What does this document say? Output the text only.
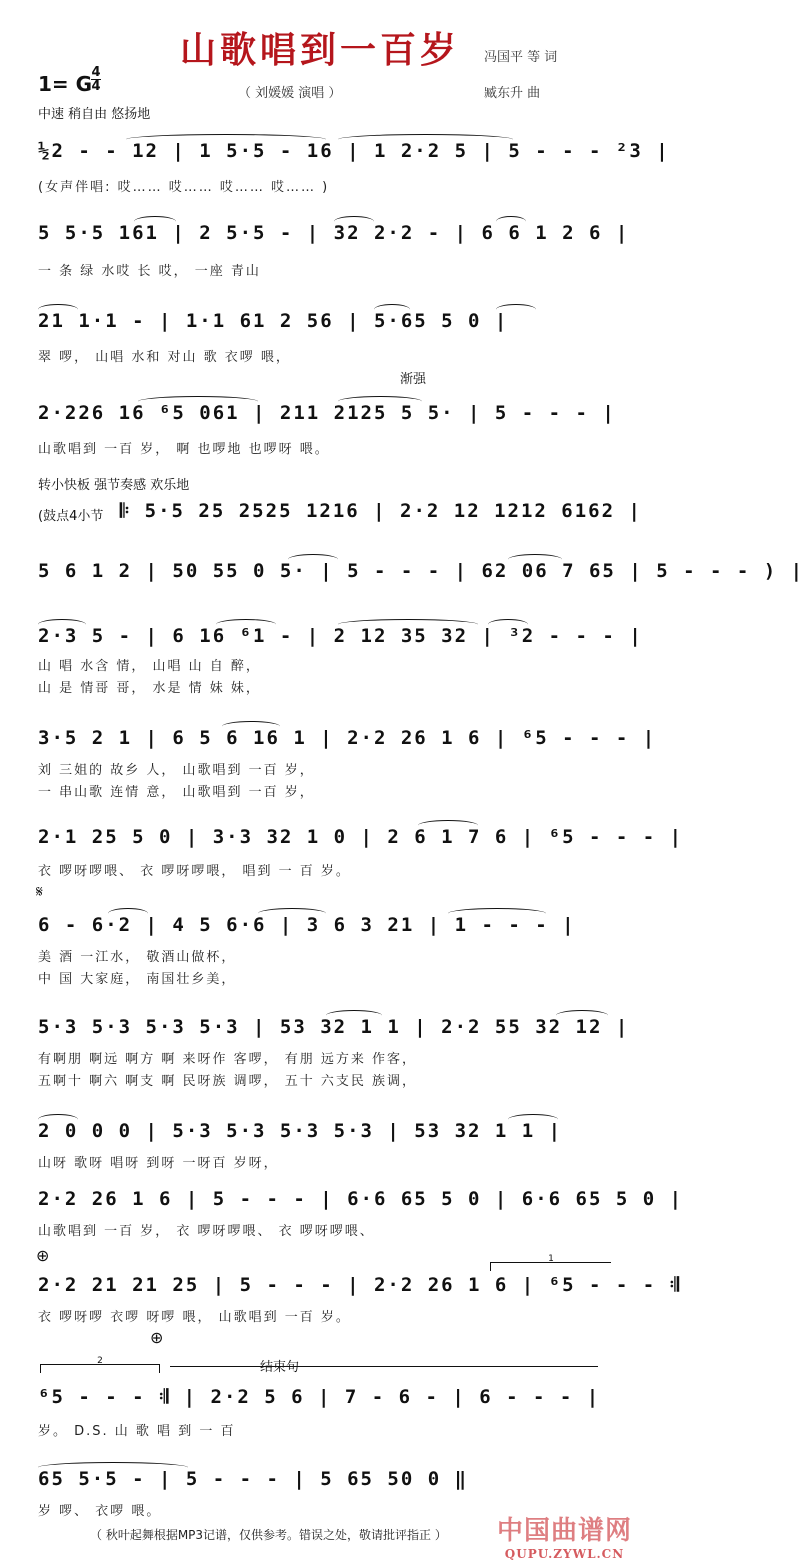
山歌唱到一百岁	冯国平 等 词
（ 刘媛媛 演唱 ）	臧东升 曲
1= G 4
4
中速 稍自由 悠扬地
½2 - - 12 | 1 5·5 - 16 | 1 2·2 5 | 5 - - - ²3 |
(女声伴唱: 哎…… 哎…… 哎…… 哎…… )
5 5·5 161 | 2 5·5 - | 32 2·2 - | 6 6 1 2 6 |
一 条 绿 水哎 长 哎， 一座 青山
21 1·1 - | 1·1 61 2 56 | 5·65 5 0 |
翠 啰， 山唱 水和 对山 歌 衣啰 喂，
渐强
2·226 16 ⁶5 061 | 211 2125 5 5· | 5 - - - |
山歌唱到 一百 岁， 啊 也啰地 也啰呀 喂。
转小快板 强节奏感 欢乐地
(鼓点4小节 𝄆 5·5 25 2525 1216 | 2·2 12 1212 6162 |
5 6 1 2 | 50 55 0 5· | 5 - - - | 62 06 7 65 | 5 - - - ) |
2·3 5 - | 6 16 ⁶1 - | 2 12 35 32 | ³2 - - - |
山 唱 水含 情， 山唱 山 自 醉，
山 是 情哥 哥， 水是 情 妹 妹，
3·5 2 1 | 6 5 6 16 1 | 2·2 26 1 6 | ⁶5 - - - |
刘 三姐的 故乡 人， 山歌唱到 一百 岁，
一 串山歌 连情 意， 山歌唱到 一百 岁，
2·1 25 5 0 | 3·3 32 1 0 | 2 6 1 7 6 | ⁶5 - - - |
衣 啰呀啰喂、 衣 啰呀啰喂， 唱到 一 百 岁。
𝄋
6 - 6·2 | 4 5 6·6 | 3 6 3 21 | 1 - - - |
美 酒 一江水， 敬酒山做杯，
中 国 大家庭， 南国壮乡美，
5·3 5·3 5·3 5·3 | 53 32 1 1 | 2·2 55 32 12 |
有啊朋 啊远 啊方 啊 来呀作 客啰， 有朋 远方来 作客，
五啊十 啊六 啊支 啊 民呀族 调啰， 五十 六支民 族调，
2 0 0 0 | 5·3 5·3 5·3 5·3 | 53 32 1 1 |
山呀 歌呀 唱呀 到呀 一呀百 岁呀，
2·2 26 1 6 | 5 - - - | 6·6 65 5 0 | 6·6 65 5 0 |
山歌唱到 一百 岁， 衣 啰呀啰喂、 衣 啰呀啰喂、
⊕	1
2·2 21 21 25 | 5 - - - | 2·2 26 1 6 | ⁶5 - - - 𝄇
衣 啰呀啰 衣啰 呀啰 喂， 山歌唱到 一百 岁。
⊕
结束句
2
⁶5 - - - 𝄇 | 2·2 5 6 | 7 - 6 - | 6 - - - |
岁。 D.S. 山 歌 唱 到 一 百
65 5·5 - | 5 - - - | 5 65 50 0 ‖
岁 啰、 衣啰 喂。
（ 秋叶起舞根据MP3记谱，仅供参考。错误之处，敬请批评指正 ） 中国曲谱网
QUPU.ZYWL.CN
